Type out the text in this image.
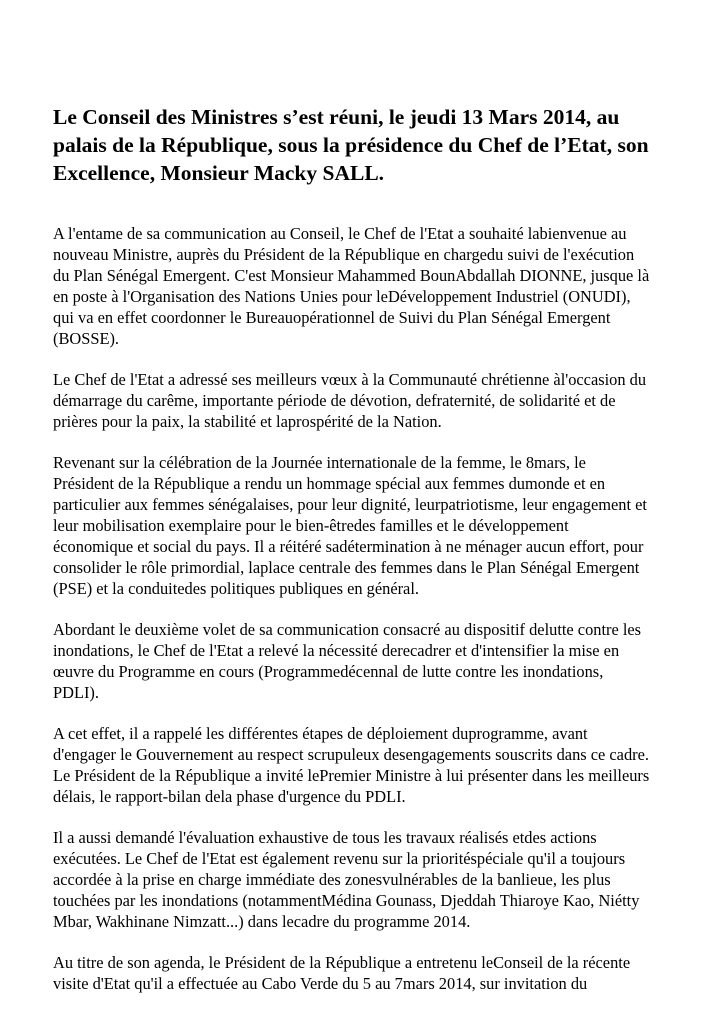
Le Conseil des Ministres s’est réuni, le jeudi 13 Mars 2014, au
palais de la République, sous la présidence du Chef de l’Etat, son
Excellence, Monsieur Macky SALL.

A l'entame de sa communication au Conseil, le Chef de l'Etat a souhaité labienvenue au
nouveau Ministre, auprès du Président de la République en chargedu suivi de l'exécution
du Plan Sénégal Emergent. C'est Monsieur Mahammed BounAbdallah DIONNE, jusque là
en poste à l'Organisation des Nations Unies pour leDéveloppement Industriel (ONUDI),
qui va en effet coordonner le Bureauopérationnel de Suivi du Plan Sénégal Emergent
(BOSSE).

Le Chef de l'Etat a adressé ses meilleurs vœux à la Communauté chrétienne àl'occasion du
démarrage du carême, importante période de dévotion, defraternité, de solidarité et de
prières pour la paix, la stabilité et laprospérité de la Nation.

Revenant sur la célébration de la Journée internationale de la femme, le 8mars, le
Président de la République a rendu un hommage spécial aux femmes dumonde et en
particulier aux femmes sénégalaises, pour leur dignité, leurpatriotisme, leur engagement et
leur mobilisation exemplaire pour le bien-êtredes familles et le développement
économique et social du pays. Il a réitéré sadétermination à ne ménager aucun effort, pour
consolider le rôle primordial, laplace centrale des femmes dans le Plan Sénégal Emergent
(PSE) et la conduitedes politiques publiques en général.

Abordant le deuxième volet de sa communication consacré au dispositif delutte contre les
inondations, le Chef de l'Etat a relevé la nécessité derecadrer et d'intensifier la mise en
œuvre du Programme en cours (Programmedécennal de lutte contre les inondations,
PDLI).

A cet effet, il a rappelé les différentes étapes de déploiement duprogramme, avant
d'engager le Gouvernement au respect scrupuleux desengagements souscrits dans ce cadre.
Le Président de la République a invité lePremier Ministre à lui présenter dans les meilleurs
délais, le rapport-bilan dela phase d'urgence du PDLI.

Il a aussi demandé l'évaluation exhaustive de tous les travaux réalisés etdes actions
exécutées. Le Chef de l'Etat est également revenu sur la prioritéspéciale qu'il a toujours
accordée à la prise en charge immédiate des zonesvulnérables de la banlieue, les plus
touchées par les inondations (notammentMédina Gounass, Djeddah Thiaroye Kao, Niétty
Mbar, Wakhinane Nimzatt...) dans lecadre du programme 2014.

Au titre de son agenda, le Président de la République a entretenu leConseil de la récente
visite d'Etat qu'il a effectuée au Cabo Verde du 5 au 7mars 2014, sur invitation du
